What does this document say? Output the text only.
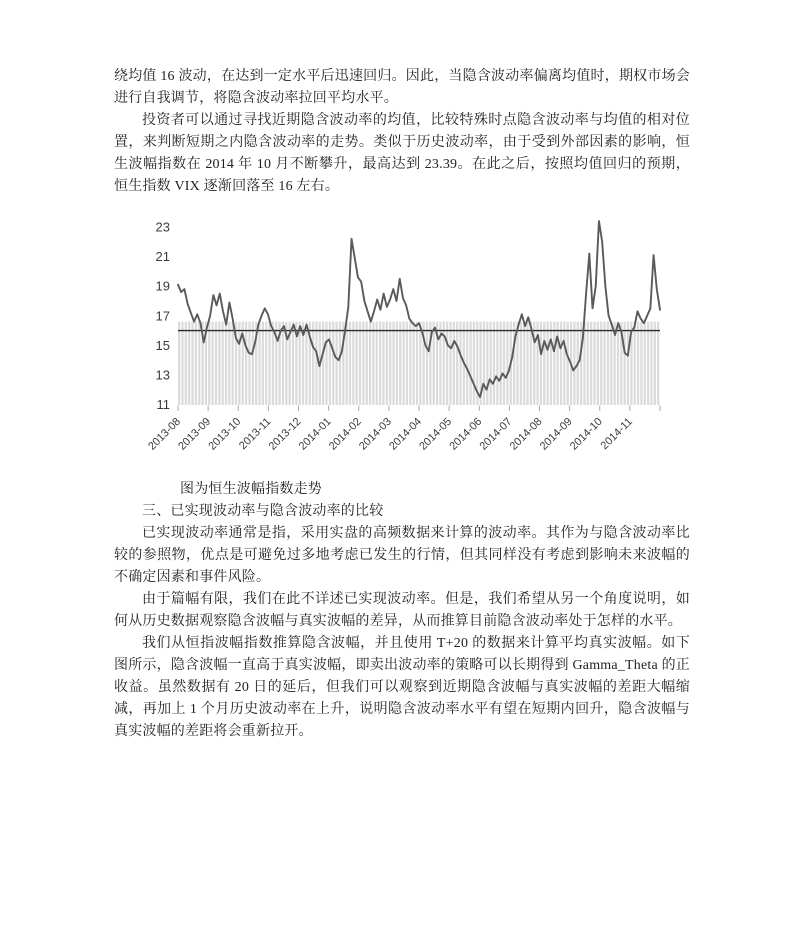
绕均值 16 波动，在达到一定水平后迅速回归。因此，当隐含波动率偏离均值时，期权市场会进行自我调节，将隐含波动率拉回平均水平。

投资者可以通过寻找近期隐含波动率的均值，比较特殊时点隐含波动率与均值的相对位置，来判断短期之内隐含波动率的走势。类似于历史波动率，由于受到外部因素的影响，恒生波幅指数在 2014 年 10 月不断攀升，最高达到 23.39。在此之后，按照均值回归的预期，恒生指数 VIX 逐渐回落至 16 左右。

11
13
15
17
19
21
23
2013-08
2013-09
2013-10
2013-11
2013-12
2014-01
2014-02
2014-03
2014-04
2014-05
2014-06
2014-07
2014-08
2014-09
2014-10
2014-11

图为恒生波幅指数走势

三、已实现波动率与隐含波动率的比较

已实现波动率通常是指，采用实盘的高频数据来计算的波动率。其作为与隐含波动率比较的参照物，优点是可避免过多地考虑已发生的行情，但其同样没有考虑到影响未来波幅的不确定因素和事件风险。

由于篇幅有限，我们在此不详述已实现波动率。但是，我们希望从另一个角度说明，如何从历史数据观察隐含波幅与真实波幅的差异，从而推算目前隐含波动率处于怎样的水平。

我们从恒指波幅指数推算隐含波幅，并且使用 T+20 的数据来计算平均真实波幅。如下图所示，隐含波幅一直高于真实波幅，即卖出波动率的策略可以长期得到 Gamma_Theta 的正收益。虽然数据有 20 日的延后，但我们可以观察到近期隐含波幅与真实波幅的差距大幅缩减，再加上 1 个月历史波动率在上升，说明隐含波动率水平有望在短期内回升，隐含波幅与真实波幅的差距将会重新拉开。
